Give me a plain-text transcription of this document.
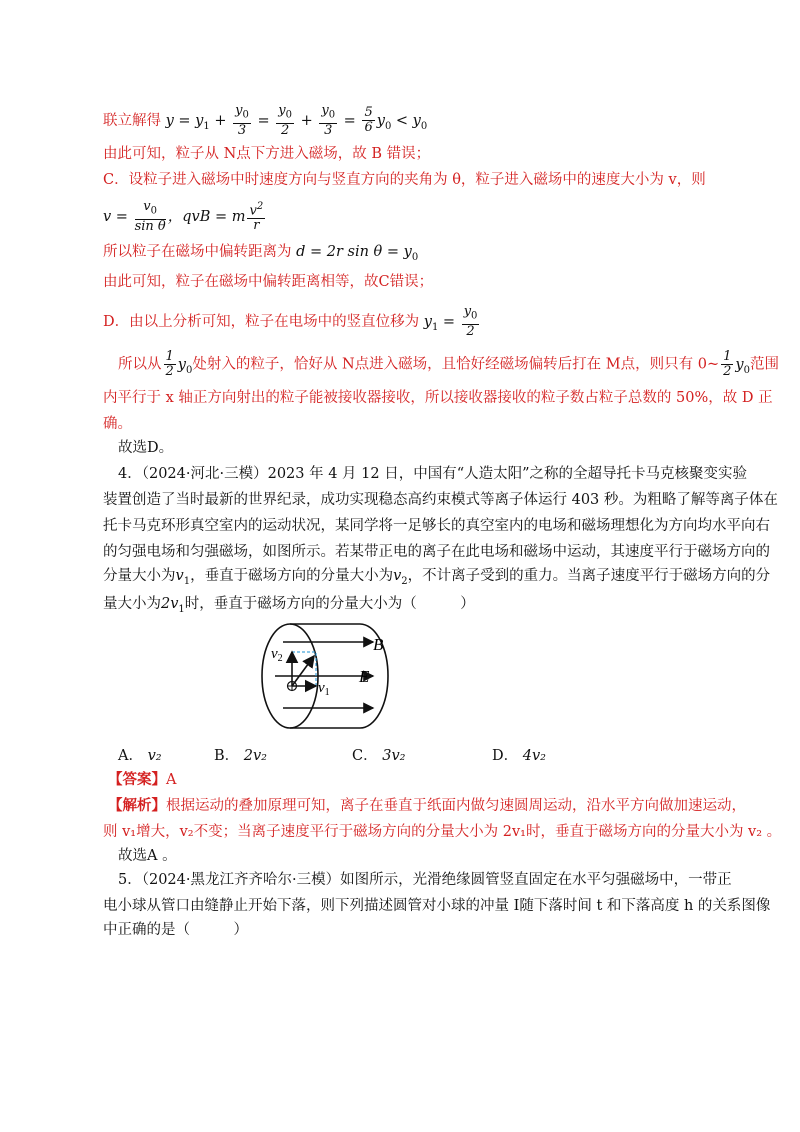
联立解得 $y = y_1 + \frac{y_0}{3} = \frac{y_0}{2} + \frac{y_0}{3} = \frac{5}{6} y_0 < y_0$
由此可知，粒子从 N点下方进入磁场，故 B 错误；
C．设粒子进入磁场中时速度方向与竖直方向的夹角为 θ，粒子进入磁场中的速度大小为 v，则
$v = \frac{v_0}{\text{sin θ}}$ ，qvB = m $\frac{v^2}{r}$
所以粒子在磁场中偏转距离为 d = 2r $\sin \theta = y_0$
由此可知，粒子在磁场中偏转距离相等，故C错误；
D．由以上分析可知，粒子在电场中的竖直位移为 $y_1 = \frac{y_0}{2}$
所以从 $\frac{1}{2} y_0$处射入的粒子，恰好从 N点进入磁场，且恰好经磁场偏转后打在 M点，则只有 0~ $\frac{1}{2} y_0$范围
内平行于 x 轴正方向射出的粒子能被接收器接收，所以接收器接收的粒子数占粒子总数的 50%，故 D 正
确。
故选D。
4．（2024·河北·三模）2023 年 4 月 12 日，中国有“人造太阳”之称的全超导托卡马克核聚变实验
装置创造了当时最新的世界纪录，成功实现稳态高约束模式等离子体运行 403 秒。为粗略了解等离子体在
托卡马克环形真空室内的运动状况，某同学将一足够长的真空室内的电场和磁场理想化为方向均水平向右
的匀强电场和匀强磁场，如图所示。若某带正电的离子在此电场和磁场中运动，其速度平行于磁场方向的
分量大小为$v_1$，垂直于磁场方向的分量大小为$v_2$，不计离子受到的重力。当离子速度平行于磁场方向的分
量大小为$2v_1$时，垂直于磁场方向的分量大小为（　　　）
B
E
$v_2$
$v_1$
A． v₂	B． 2v₂	C． 3v₂	D． 4v₂
【答案】A
【解析】根据运动的叠加原理可知，离子在垂直于纸面内做匀速圆周运动，沿水平方向做加速运动，
则 v₁增大，v₂不变；当离子速度平行于磁场方向的分量大小为 2v₁时，垂直于磁场方向的分量大小为 v₂ 。
故选A 。
5．（2024·黑龙江齐齐哈尔·三模）如图所示，光滑绝缘圆管竖直固定在水平匀强磁场中，一带正
电小球从管口由缝静止开始下落，则下列描述圆管对小球的冲量 I随下落时间 t 和下落高度 h 的关系图像
中正确的是（　　　）
